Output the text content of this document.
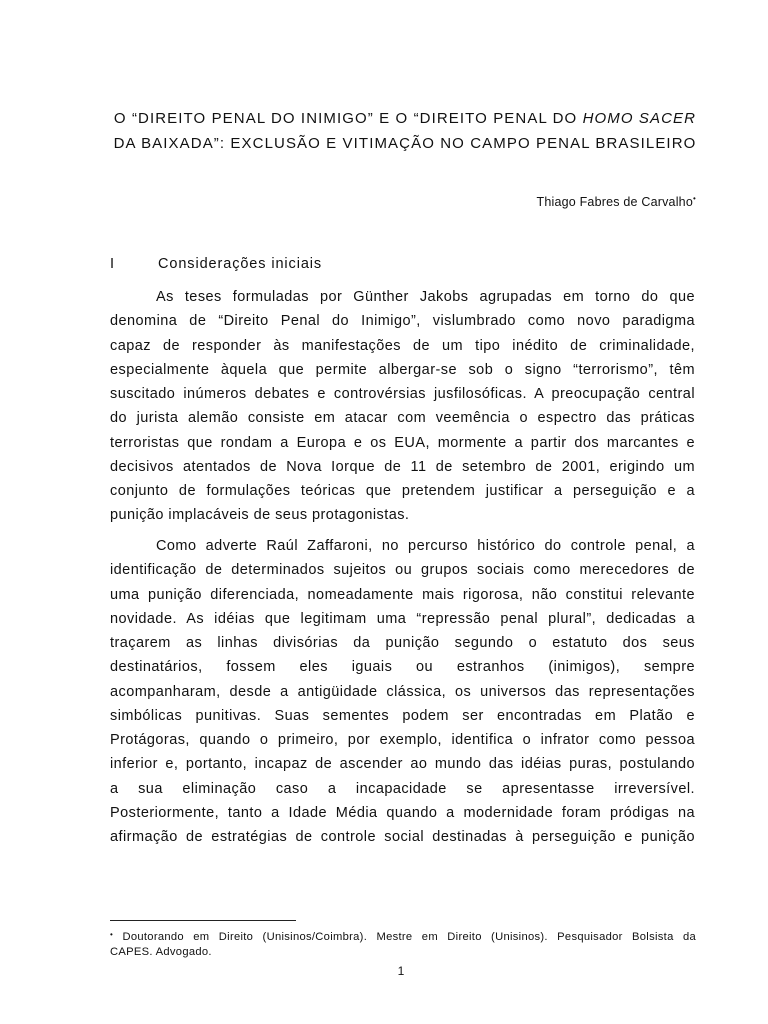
O “DIREITO PENAL DO INIMIGO” E O “DIREITO PENAL DO HOMO SACER
DA BAIXADA”: EXCLUSÃO E VITIMAÇÃO NO CAMPO PENAL BRASILEIRO
Thiago Fabres de Carvalho•
I	Considerações iniciais
As teses formuladas por Günther Jakobs agrupadas em torno do que
denomina de “Direito Penal do Inimigo”, vislumbrado como novo paradigma
capaz de responder às manifestações de um tipo inédito de criminalidade,
especialmente àquela que permite albergar-se sob o signo “terrorismo”, têm
suscitado inúmeros debates e controvérsias jusfilosóficas. A preocupação central
do jurista alemão consiste em atacar com veemência o espectro das práticas
terroristas que rondam a Europa e os EUA, mormente a partir dos marcantes e
decisivos atentados de Nova Iorque de 11 de setembro de 2001, erigindo um
conjunto de formulações teóricas que pretendem justificar a perseguição e a
punição implacáveis de seus protagonistas.
Como adverte Raúl Zaffaroni, no percurso histórico do controle penal, a
identificação de determinados sujeitos ou grupos sociais como merecedores de
uma punição diferenciada, nomeadamente mais rigorosa, não constitui relevante
novidade. As idéias que legitimam uma “repressão penal plural”, dedicadas a
traçarem as linhas divisórias da punição segundo o estatuto dos seus
destinatários, fossem eles iguais ou estranhos (inimigos), sempre
acompanharam, desde a antigüidade clássica, os universos das representações
simbólicas punitivas. Suas sementes podem ser encontradas em Platão e
Protágoras, quando o primeiro, por exemplo, identifica o infrator como pessoa
inferior e, portanto, incapaz de ascender ao mundo das idéias puras, postulando
a sua eliminação caso a incapacidade se apresentasse irreversível.
Posteriormente, tanto a Idade Média quando a modernidade foram pródigas na
afirmação de estratégias de controle social destinadas à perseguição e punição
• Doutorando em Direito (Unisinos/Coimbra). Mestre em Direito (Unisinos). Pesquisador Bolsista da
CAPES. Advogado.
1
